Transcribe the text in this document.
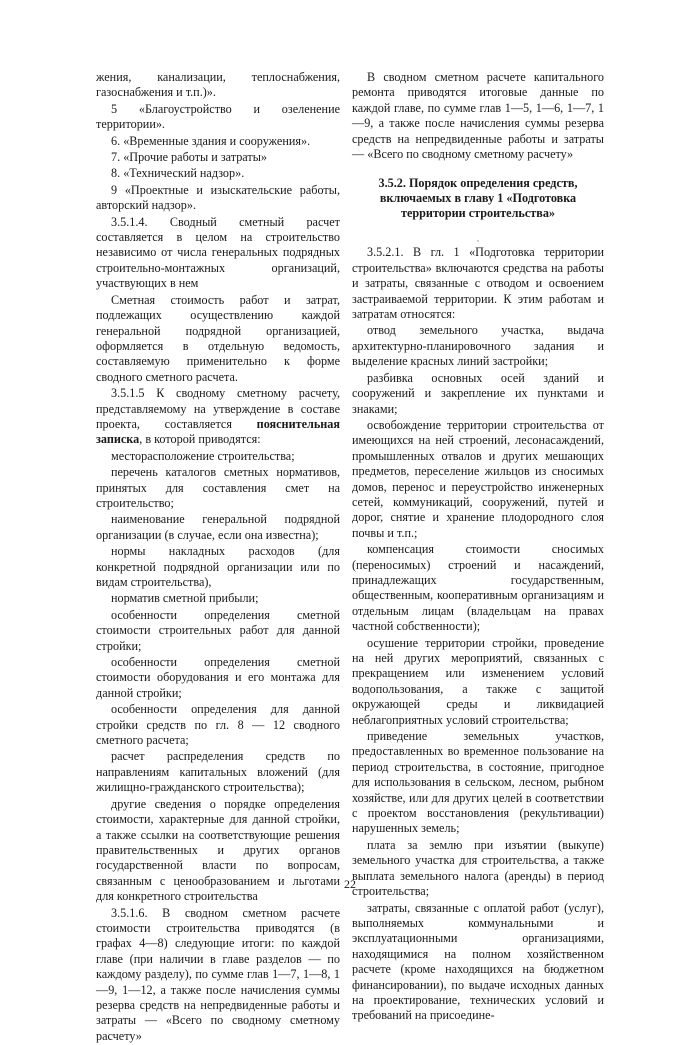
жения, канализации, теплоснабжения, газоснабжения и т.п.)».

5 «Благоустройство и озеленение территории».

6. «Временные здания и сооружения».

7. «Прочие работы и затраты»

8. «Технический надзор».

9 «Проектные и изыскательские работы, авторский надзор».

3.5.1.4. Сводный сметный расчет составляется в целом на строительство независимо от числа генеральных подрядных строительно-монтажных организаций, участвующих в нем

Сметная стоимость работ и затрат, подлежащих осуществлению каждой генеральной подрядной организацией, оформляется в отдельную ведомость, составляемую применительно к форме сводного сметного расчета.

3.5.1.5 К сводному сметному расчету, представляемому на утверждение в составе проекта, составляется пояснительная записка, в которой приводятся:

месторасположение строительства;

перечень каталогов сметных нормативов, принятых для составления смет на строительство;

наименование генеральной подрядной организации (в случае, если она известна);

нормы накладных расходов (для конкретной подрядной организации или по видам строительства),

норматив сметной прибыли;

особенности определения сметной стоимости строительных работ для данной стройки;

особенности определения сметной стоимости оборудования и его монтажа для данной стройки;

особенности определения для данной стройки средств по гл. 8 — 12 сводного сметного расчета;

расчет распределения средств по направлениям капитальных вложений (для жилищно-гражданского строительства);

другие сведения о порядке определения стоимости, характерные для данной стройки, а также ссылки на соответствующие решения правительственных и других органов государственной власти по вопросам, связанным с ценообразованием и льготами для конкретного строительства

3.5.1.6. В сводном сметном расчете стоимости строительства приводятся (в графах 4—8) следующие итоги: по каждой главе (при наличии в главе разделов — по каждому разделу), по сумме глав 1—7, 1—8, 1—9, 1—12, а также после начисления суммы резерва средств на непредвиденные работы и затраты — «Всего по сводному сметному расчету»

В сводном сметном расчете капитального ремонта приводятся итоговые данные по каждой главе, по сумме глав 1—5, 1—6, 1—7, 1—9, а также после начисления суммы резерва средств на непредвиденные работы и затраты — «Всего по сводному сметному расчету»

3.5.2. Порядок определения средств, включаемых в главу 1 «Подготовка территории строительства»

·

3.5.2.1. В гл. 1 «Подготовка территории строительства» включаются средства на работы и затраты, связанные с отводом и освоением застраиваемой территории. К этим работам и затратам относятся:

отвод земельного участка, выдача архитектурно-планировочного задания и выделение красных линий застройки;

разбивка основных осей зданий и сооружений и закрепление их пунктами и знаками;

освобождение территории строительства от имеющихся на ней строений, лесонасаждений, промышленных отвалов и других мешающих предметов, переселение жильцов из сносимых домов, перенос и переустройство инженерных сетей, коммуникаций, сооружений, путей и дорог, снятие и хранение плодородного слоя почвы и т.п.;

компенсация стоимости сносимых (переносимых) строений и насаждений, принадлежащих государственным, общественным, кооперативным организациям и отдельным лицам (владельцам на правах частной собственности);

осушение территории стройки, проведение на ней других мероприятий, связанных с прекращением или изменением условий водопользования, а также с защитой окружающей среды и ликвидацией неблагоприятных условий строительства;

приведение земельных участков, предоставленных во временное пользование на период строительства, в состояние, пригодное для использования в сельском, лесном, рыбном хозяйстве, или для других целей в соответствии с проектом восстановления (рекультивации) нарушенных земель;

плата за землю при изъятии (выкупе) земельного участка для строительства, а также выплата земельного налога (аренды) в период строительства;

затраты, связанные с оплатой работ (услуг), выполняемых коммунальными и эксплуатационными организациями, находящимися на полном хозяйственном расчете (кроме находящихся на бюджетном финансировании), по выдаче исходных данных на проектирование, технических условий и требований на присоедине-

22
